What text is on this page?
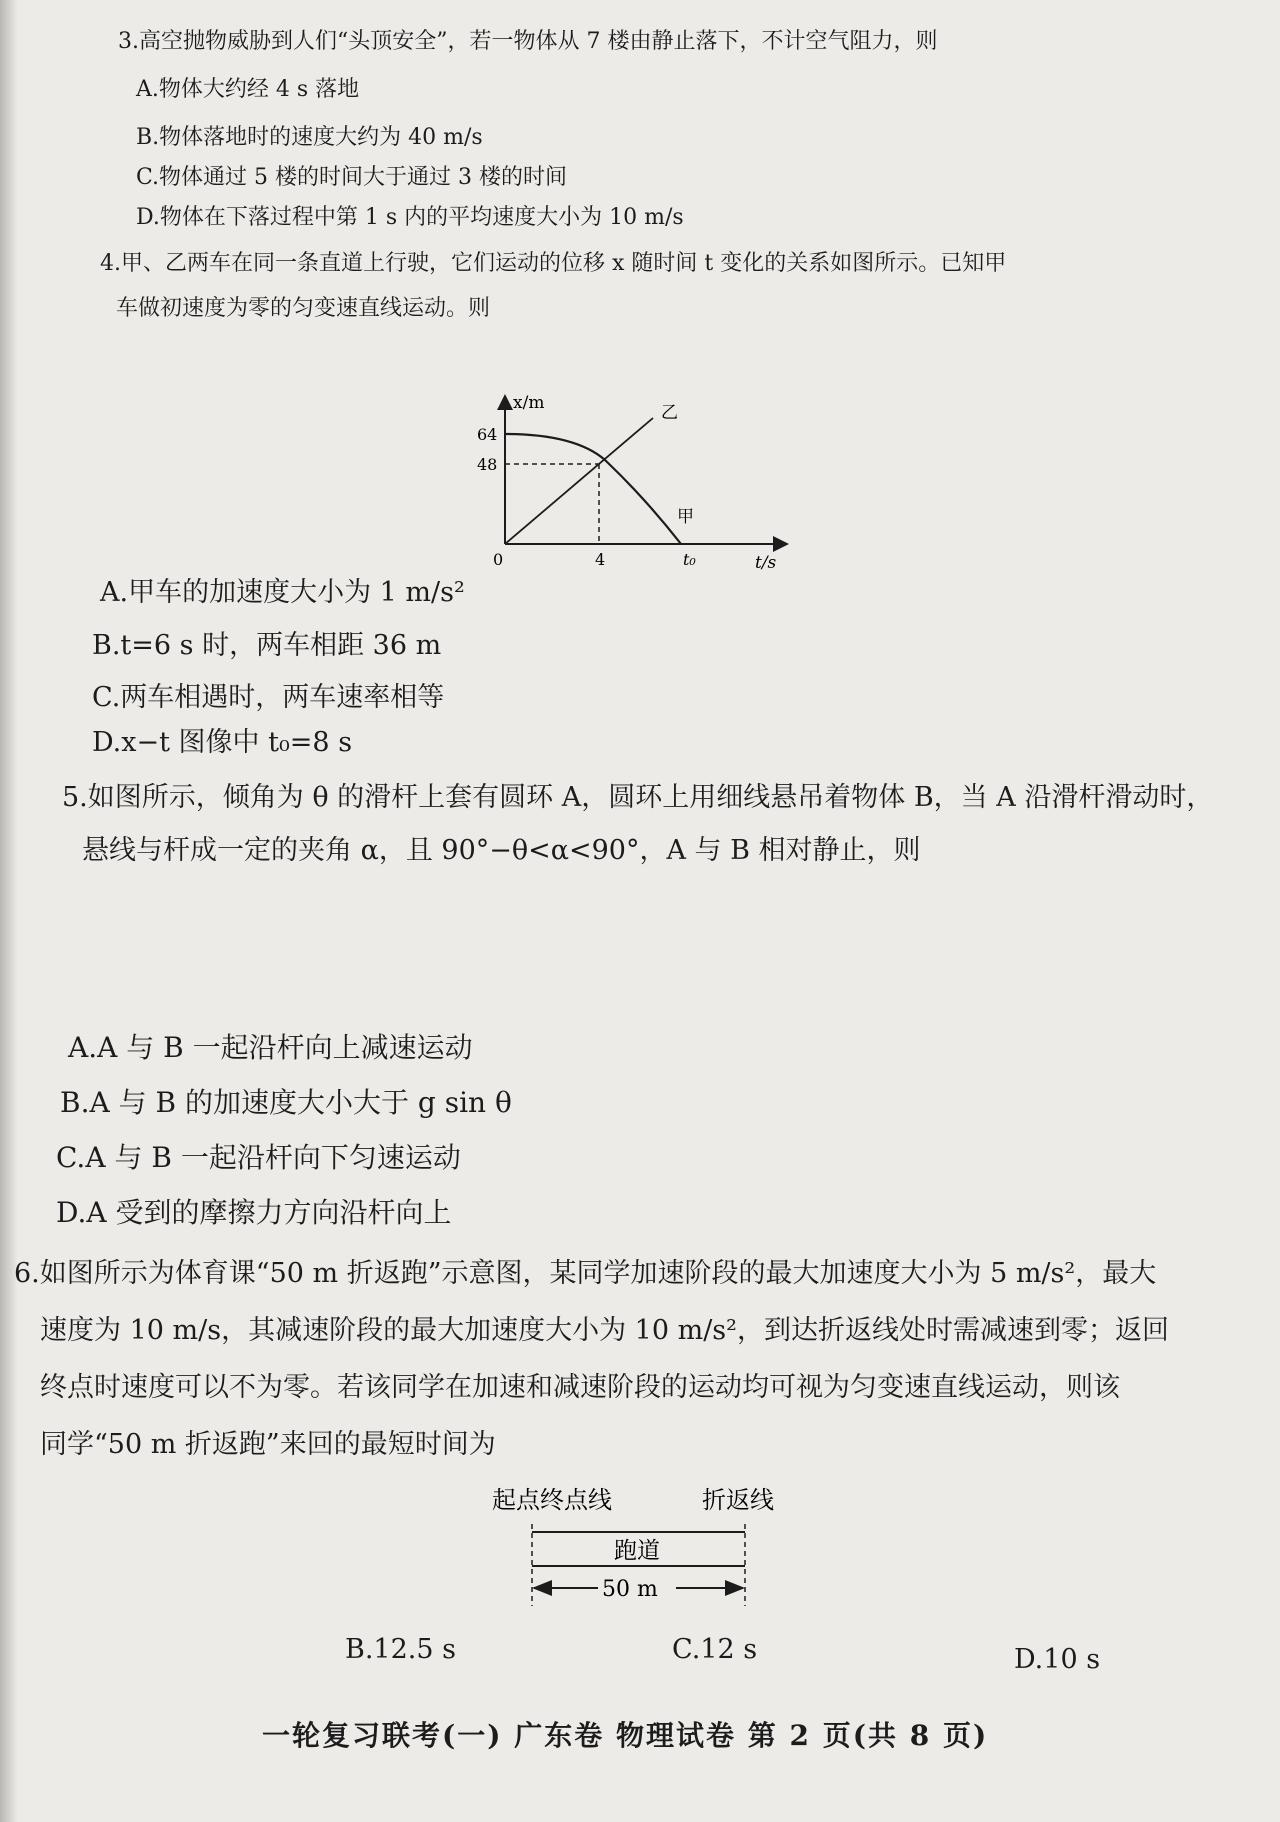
3.高空抛物威胁到人们“头顶安全”，若一物体从 7 楼由静止落下，不计空气阻力，则
A.物体大约经 4 s 落地
B.物体落地时的速度大约为 40 m/s
C.物体通过 5 楼的时间大于通过 3 楼的时间
D.物体在下落过程中第 1 s 内的平均速度大小为 10 m/s
4.甲、乙两车在同一条直道上行驶，它们运动的位移 x 随时间 t 变化的关系如图所示。已知甲
车做初速度为零的匀变速直线运动。则
x/m
t/s
0
64
48
4	t₀
乙
甲
A.甲车的加速度大小为 1 m/s²
B.t=6 s 时，两车相距 36 m
C.两车相遇时，两车速率相等
D.x−t 图像中 t₀=8 s
5.如图所示，倾角为 θ 的滑杆上套有圆环 A，圆环上用细线悬吊着物体 B，当 A 沿滑杆滑动时，
悬线与杆成一定的夹角 α，且 90°−θ<α<90°，A 与 B 相对静止，则
A.A 与 B 一起沿杆向上减速运动
B.A 与 B 的加速度大小大于 g sin θ
C.A 与 B 一起沿杆向下匀速运动
D.A 受到的摩擦力方向沿杆向上
6.如图所示为体育课“50 m 折返跑”示意图，某同学加速阶段的最大加速度大小为 5 m/s²，最大
速度为 10 m/s，其减速阶段的最大加速度大小为 10 m/s²，到达折返线处时需减速到零；返回
终点时速度可以不为零。若该同学在加速和减速阶段的运动均可视为匀变速直线运动，则该
同学“50 m 折返跑”来回的最短时间为
起点终点线	折返线
跑道
50 m
B.12.5 s	C.12 s	D.10 s
一轮复习联考(一) 广东卷 物理试卷 第 2 页(共 8 页)
